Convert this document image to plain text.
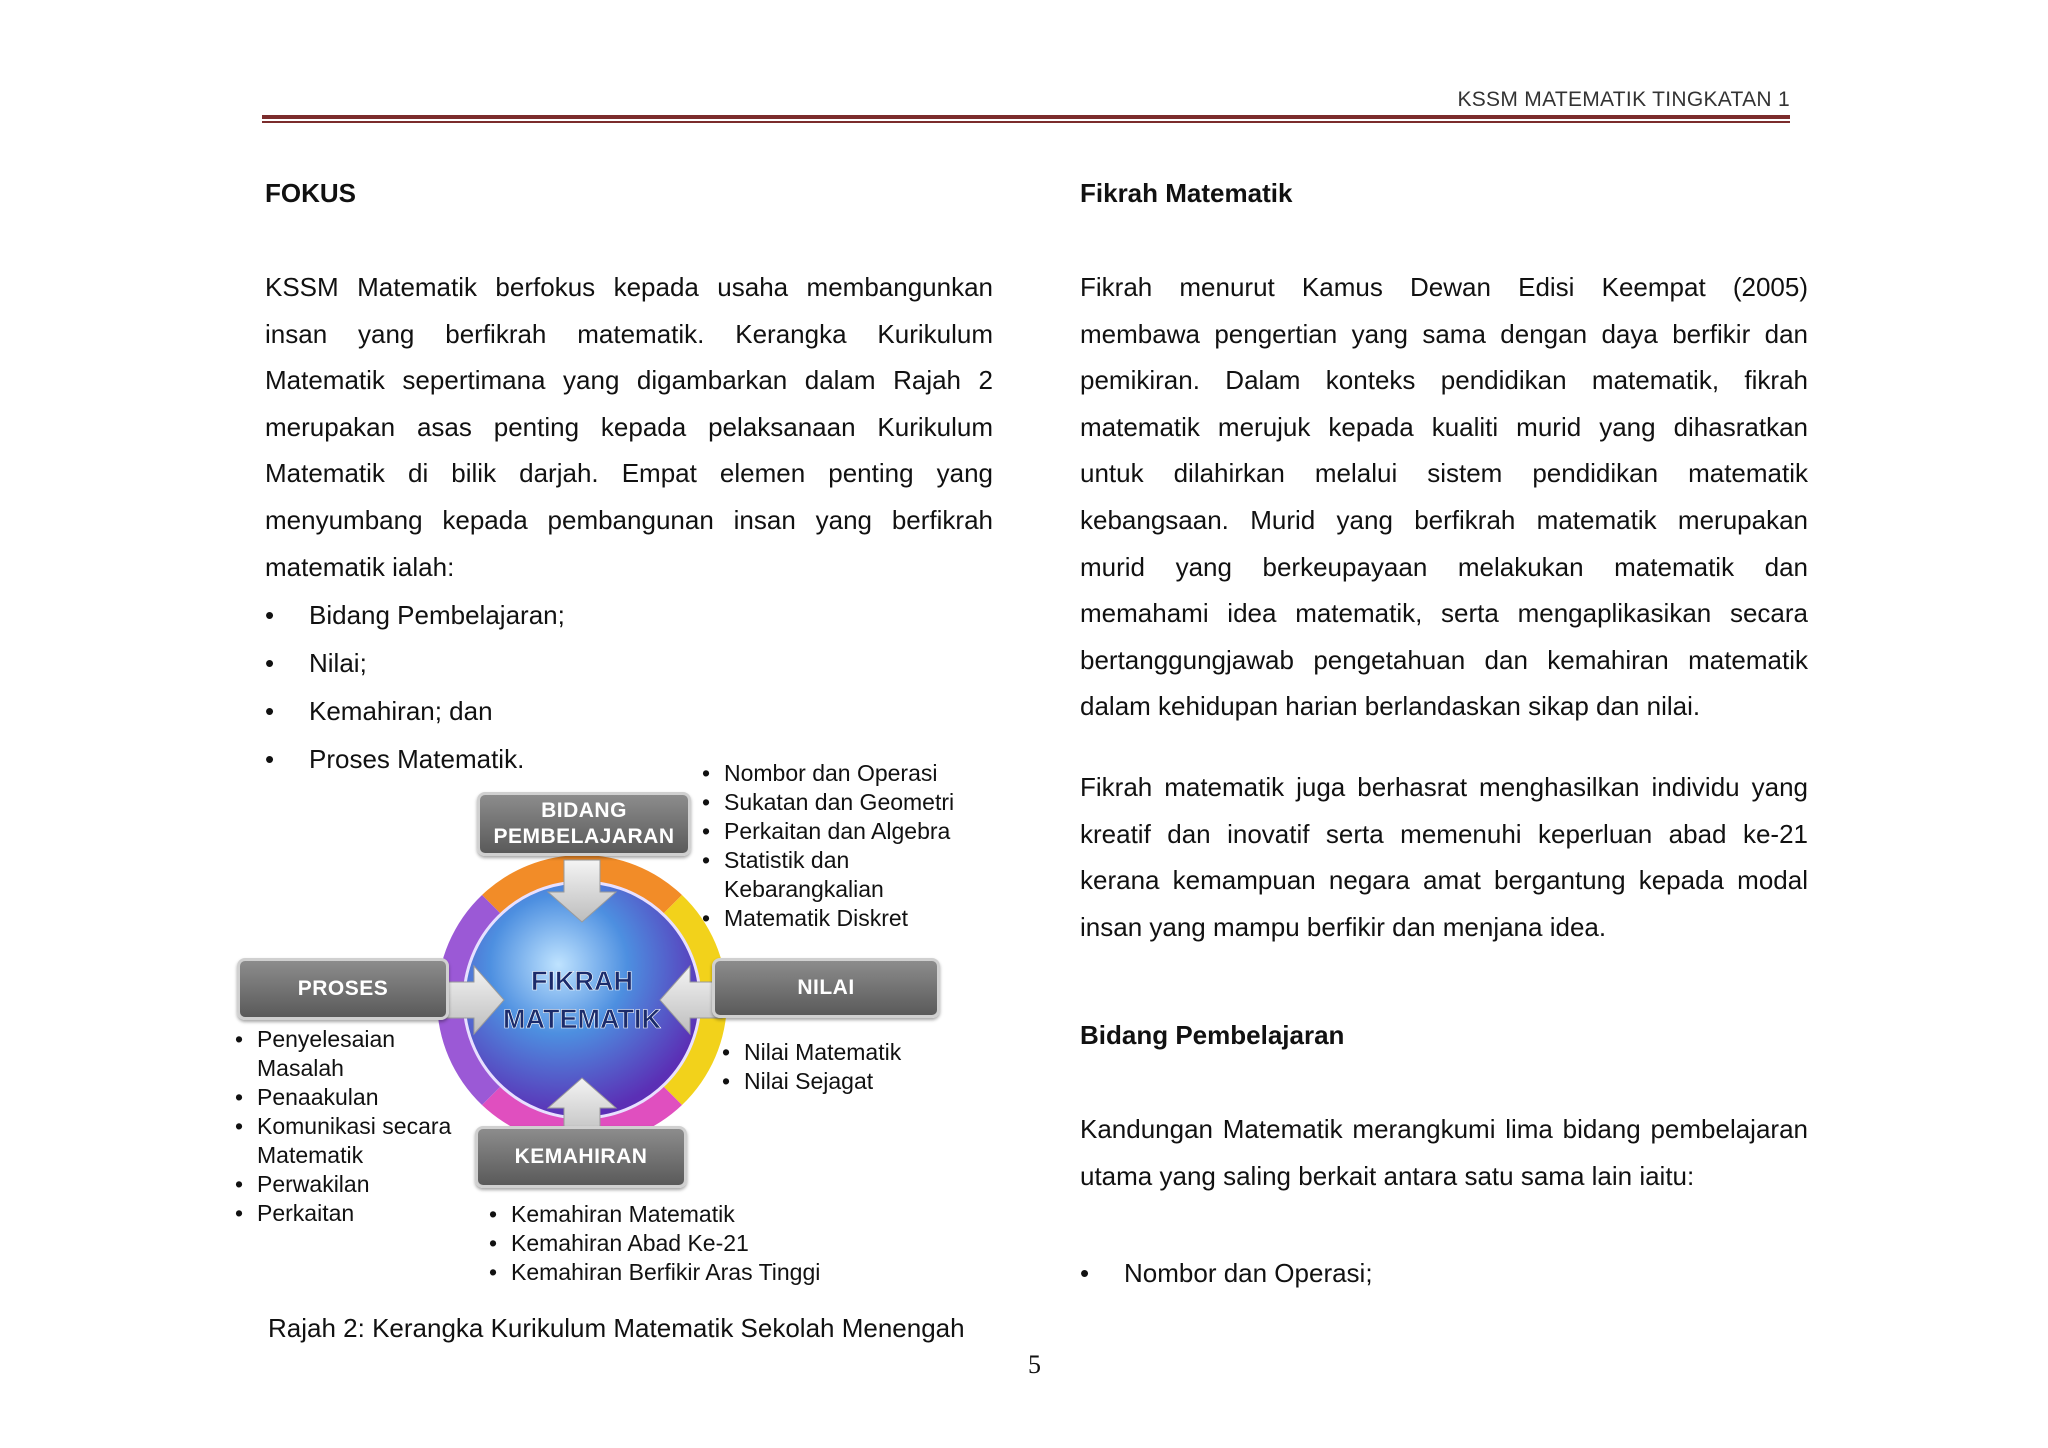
KSSM MATEMATIK TINGKATAN 1
FOKUS

KSSM Matematik berfokus kepada usaha membangunkan insan yang berfikrah matematik. Kerangka Kurikulum Matematik sepertimana yang digambarkan dalam Rajah 2 merupakan asas penting kepada pelaksanaan Kurikulum Matematik di bilik darjah. Empat elemen penting yang menyumbang kepada pembangunan insan yang berfikrah matematik ialah:

• Bidang Pembelajaran;
• Nilai;
• Kemahiran; dan
• Proses Matematik.
FIKRAH
MATEMATIK
BIDANG
PEMBELAJARAN
PROSES	NILAI
KEMAHIRAN
• Nombor dan Operasi
• Sukatan dan Geometri
• Perkaitan dan Algebra
• Statistik dan
Kebarangkalian
• Matematik Diskret
• Nilai Matematik
• Nilai Sejagat
• Penyelesaian
Masalah
• Penaakulan
• Komunikasi secara
Matematik
• Perwakilan
• Perkaitan
•	Kemahiran Matematik
• Kemahiran Abad Ke-21
• Kemahiran Berfikir Aras Tinggi
Rajah 2: Kerangka Kurikulum Matematik Sekolah Menengah
Fikrah Matematik

Fikrah menurut Kamus Dewan Edisi Keempat (2005) membawa pengertian yang sama dengan daya berfikir dan pemikiran. Dalam konteks pendidikan matematik, fikrah matematik merujuk kepada kualiti murid yang dihasratkan untuk dilahirkan melalui sistem pendidikan matematik kebangsaan. Murid yang berfikrah matematik merupakan murid yang berkeupayaan melakukan matematik dan memahami idea matematik, serta mengaplikasikan secara bertanggungjawab pengetahuan dan kemahiran matematik dalam kehidupan harian berlandaskan sikap dan nilai.

Fikrah matematik juga berhasrat menghasilkan individu yang kreatif dan inovatif serta memenuhi keperluan abad ke-21 kerana kemampuan negara amat bergantung kepada modal insan yang mampu berfikir dan menjana idea.

Bidang Pembelajaran

Kandungan Matematik merangkumi lima bidang pembelajaran utama yang saling berkait antara satu sama lain iaitu:

• Nombor dan Operasi;
5
